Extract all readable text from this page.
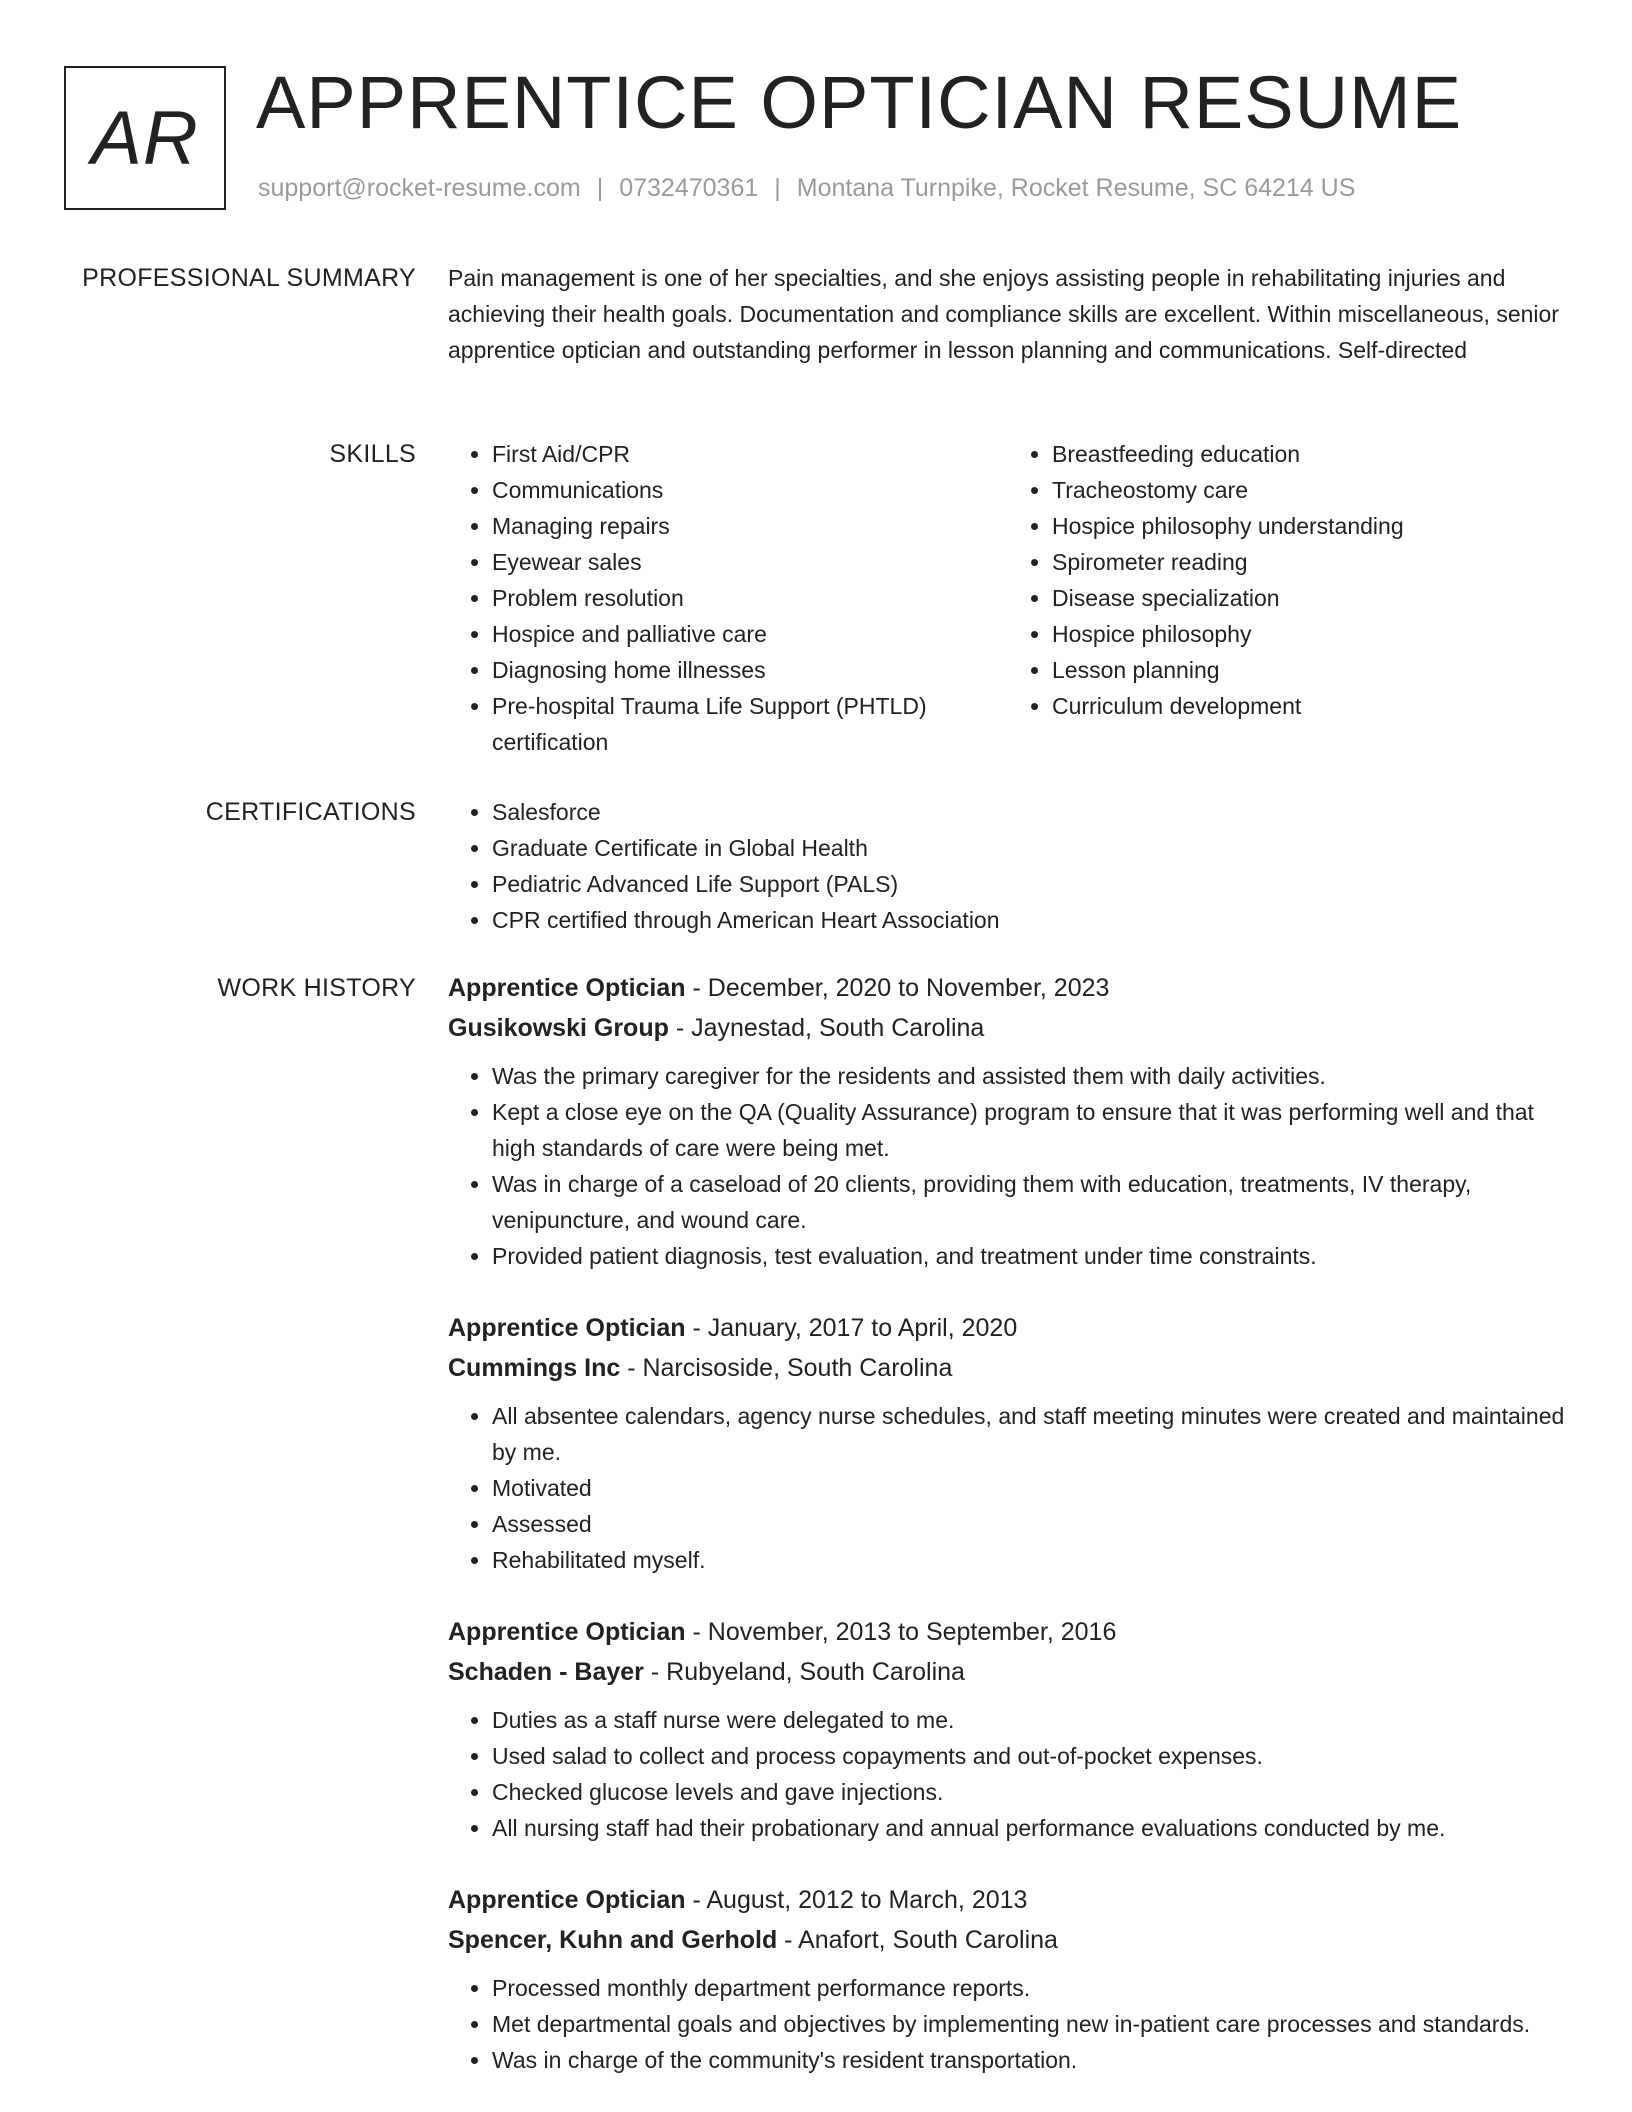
AR APPRENTICE OPTICIAN RESUME
support@rocket-resume.com | 0732470361 | Montana Turnpike, Rocket Resume, SC 64214 US
PROFESSIONAL SUMMARY Pain management is one of her specialties, and she enjoys assisting people in rehabilitating injuries and achieving their health goals. Documentation and compliance skills are excellent. Within miscellaneous, senior apprentice optician and outstanding performer in lesson planning and communications. Self-directed
SKILLS	• First Aid/CPR
• Communications
• Managing repairs
• Eyewear sales
• Problem resolution
• Hospice and palliative care
• Diagnosing home illnesses
• Pre-hospital Trauma Life Support (PHTLD) certification
• Breastfeeding education
• Tracheostomy care
• Hospice philosophy understanding
• Spirometer reading
• Disease specialization
• Hospice philosophy
• Lesson planning
• Curriculum development
CERTIFICATIONS	• Salesforce
• Graduate Certificate in Global Health
• Pediatric Advanced Life Support (PALS)
• CPR certified through American Heart Association
WORK HISTORY Apprentice Optician - December, 2020 to November, 2023
Gusikowski Group - Jaynestad, South Carolina
• Was the primary caregiver for the residents and assisted them with daily activities.
• Kept a close eye on the QA (Quality Assurance) program to ensure that it was performing well and that high standards of care were being met.
• Was in charge of a caseload of 20 clients, providing them with education, treatments, IV therapy, venipuncture, and wound care.
• Provided patient diagnosis, test evaluation, and treatment under time constraints.
Apprentice Optician - January, 2017 to April, 2020
Cummings Inc - Narcisoside, South Carolina
• All absentee calendars, agency nurse schedules, and staff meeting minutes were created and maintained by me.
• Motivated
• Assessed
• Rehabilitated myself.
Apprentice Optician - November, 2013 to September, 2016
Schaden - Bayer - Rubyeland, South Carolina
• Duties as a staff nurse were delegated to me.
• Used salad to collect and process copayments and out-of-pocket expenses.
• Checked glucose levels and gave injections.
• All nursing staff had their probationary and annual performance evaluations conducted by me.
Apprentice Optician - August, 2012 to March, 2013
Spencer, Kuhn and Gerhold - Anafort, South Carolina
• Processed monthly department performance reports.
• Met departmental goals and objectives by implementing new in-patient care processes and standards.
• Was in charge of the community's resident transportation.
